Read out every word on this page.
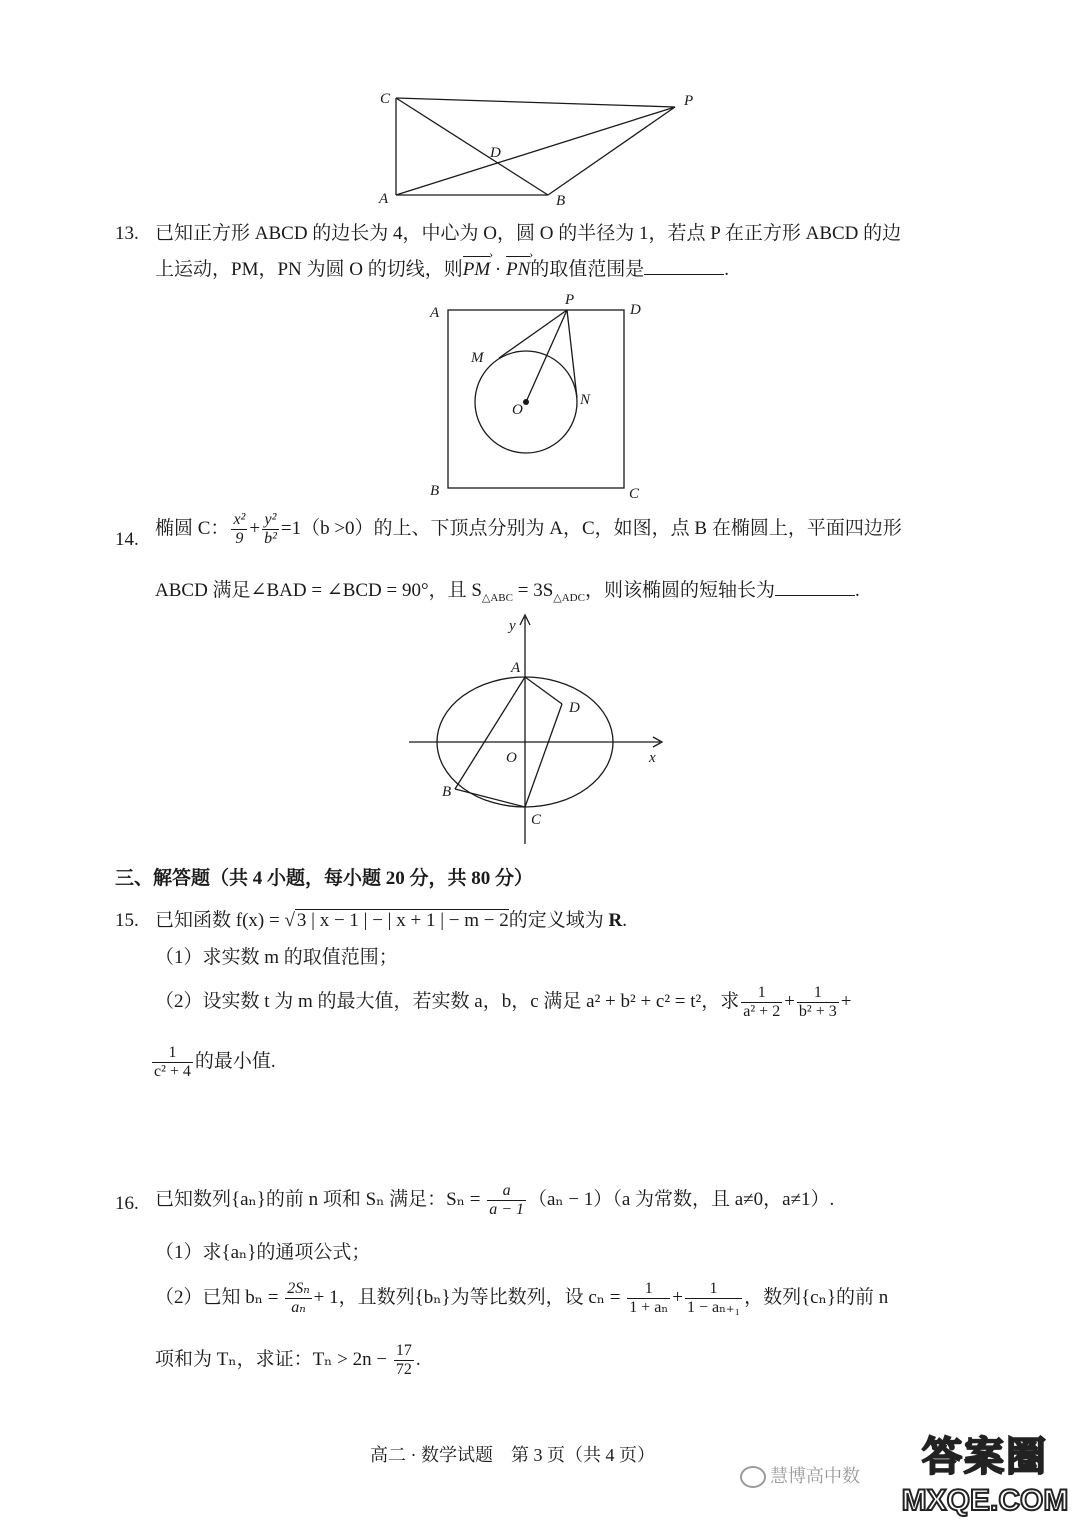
C	P
D
A	B
13. 已知正方形 ABCD 的边长为 4，中心为 O，圆 O 的半径为 1，若点 P 在正方形 ABCD 的边
上运动，PM，PN 为圆 O 的切线，则PM › · PN ›的取值范围是	.
A
P
D
M
O
N
B	C
14.
椭圆 C： $\frac{\text{x²}}{9} + \frac{\text{y²}}{\text{b²}} =1(b >0)$的上、下顶点分别为 A，C，如图，点 B 在椭圆上，平面四边形
ABCD 满足∠BAD = ∠BCD = 90°，且 $S_{\triangle ABC} = 3S_{\triangle ADC}$，则该椭圆的短轴长为	.
y
A
D
O	x
B
C
三、解答题（共 4 小题，每小题 20 分，共 80 分）
15. 已知函数 f(x) = √ 3 | x − 1 | − | x + 1 | − m − 2的定义域为 R.
（1）求实数 m 的取值范围；
（2）设实数 t 为 m 的最大值，若实数 a，b，c 满足 a² + b² + c² = t²，求 $\frac{1}{\text{a² + 2}} + \frac{1}{\text{b² + 3}}$ +
$\frac{1}{\text{c² + 4}}$ 的最小值.
16. 已知数列{aₙ}的前 n 项和 Sₙ 满足：$S_n = \frac{a}{a - 1} (a_n - 1)(a$ 为常数，且 a≠0，a≠1）.
（1）求{aₙ}的通项公式；
（2）已知 $b_n = \frac{\text{2Sₙ}}{\text{aₙ}} + 1$，且数列{bₙ}为等比数列，设 $c_n = \frac{1}{\text{1 + aₙ}} + \frac{1}{\text{1 − aₙ₊₁}}$ ，数列{cₙ}的前 n
项和为 Tₙ，求证：$T_n > 2n - \frac{17}{72}$ .
高二 · 数学试题　第 3 页（共 4 页）
慧博高中数	答案圈
MXQE.COM
